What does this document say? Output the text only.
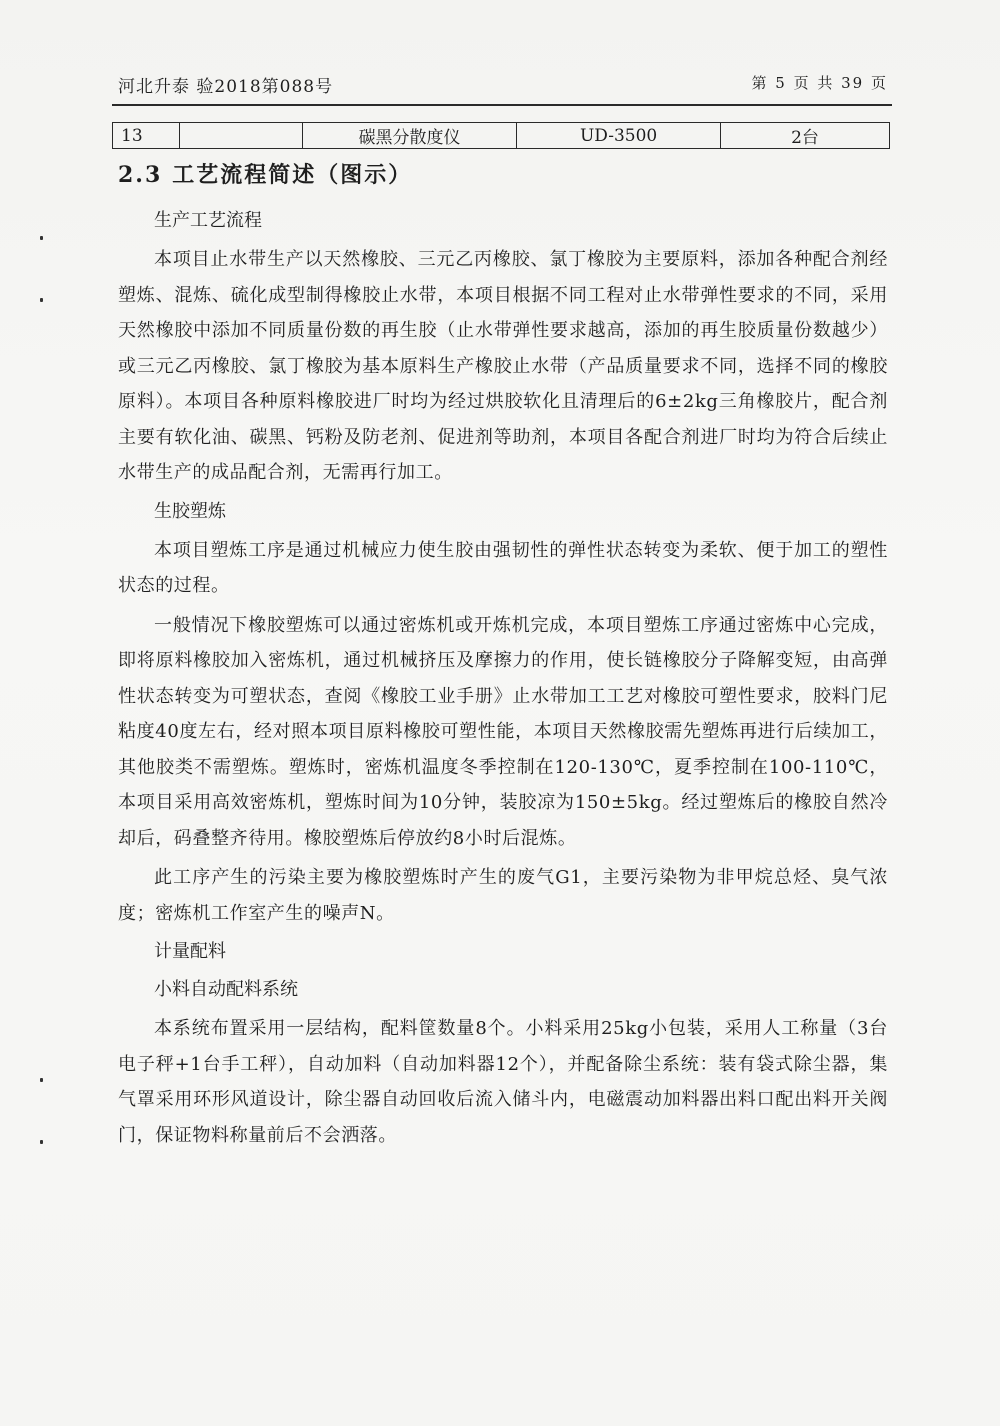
河北升泰 验2018第088号	第 5 页 共 39 页
13		碳黑分散度仪	UD-3500	2台
2.3 工艺流程简述（图示）

生产工艺流程

本项目止水带生产以天然橡胶、三元乙丙橡胶、氯丁橡胶为主要原料，添加各种配合剂经塑炼、混炼、硫化成型制得橡胶止水带，本项目根据不同工程对止水带弹性要求的不同，采用天然橡胶中添加不同质量份数的再生胶（止水带弹性要求越高，添加的再生胶质量份数越少）或三元乙丙橡胶、氯丁橡胶为基本原料生产橡胶止水带（产品质量要求不同，选择不同的橡胶原料）。本项目各种原料橡胶进厂时均为经过烘胶软化且清理后的6±2kg三角橡胶片，配合剂主要有软化油、碳黑、钙粉及防老剂、促进剂等助剂，本项目各配合剂进厂时均为符合后续止水带生产的成品配合剂，无需再行加工。

生胶塑炼

本项目塑炼工序是通过机械应力使生胶由强韧性的弹性状态转变为柔软、便于加工的塑性状态的过程。

一般情况下橡胶塑炼可以通过密炼机或开炼机完成，本项目塑炼工序通过密炼中心完成，即将原料橡胶加入密炼机，通过机械挤压及摩擦力的作用，使长链橡胶分子降解变短，由高弹性状态转变为可塑状态，查阅《橡胶工业手册》止水带加工工艺对橡胶可塑性要求，胶料门尼粘度40度左右，经对照本项目原料橡胶可塑性能，本项目天然橡胶需先塑炼再进行后续加工，其他胶类不需塑炼。塑炼时，密炼机温度冬季控制在120-130℃，夏季控制在100-110℃，本项目采用高效密炼机，塑炼时间为10分钟，装胶凉为150±5kg。经过塑炼后的橡胶自然冷却后，码叠整齐待用。橡胶塑炼后停放约8小时后混炼。

此工序产生的污染主要为橡胶塑炼时产生的废气G1，主要污染物为非甲烷总烃、臭气浓度；密炼机工作室产生的噪声N。

计量配料

小料自动配料系统

本系统布置采用一层结构，配料筐数量8个。小料采用25kg小包装，采用人工称量（3台电子秤+1台手工秤），自动加料（自动加料器12个），并配备除尘系统：装有袋式除尘器，集气罩采用环形风道设计，除尘器自动回收后流入储斗内，电磁震动加料器出料口配出料开关阀门，保证物料称量前后不会洒落。
